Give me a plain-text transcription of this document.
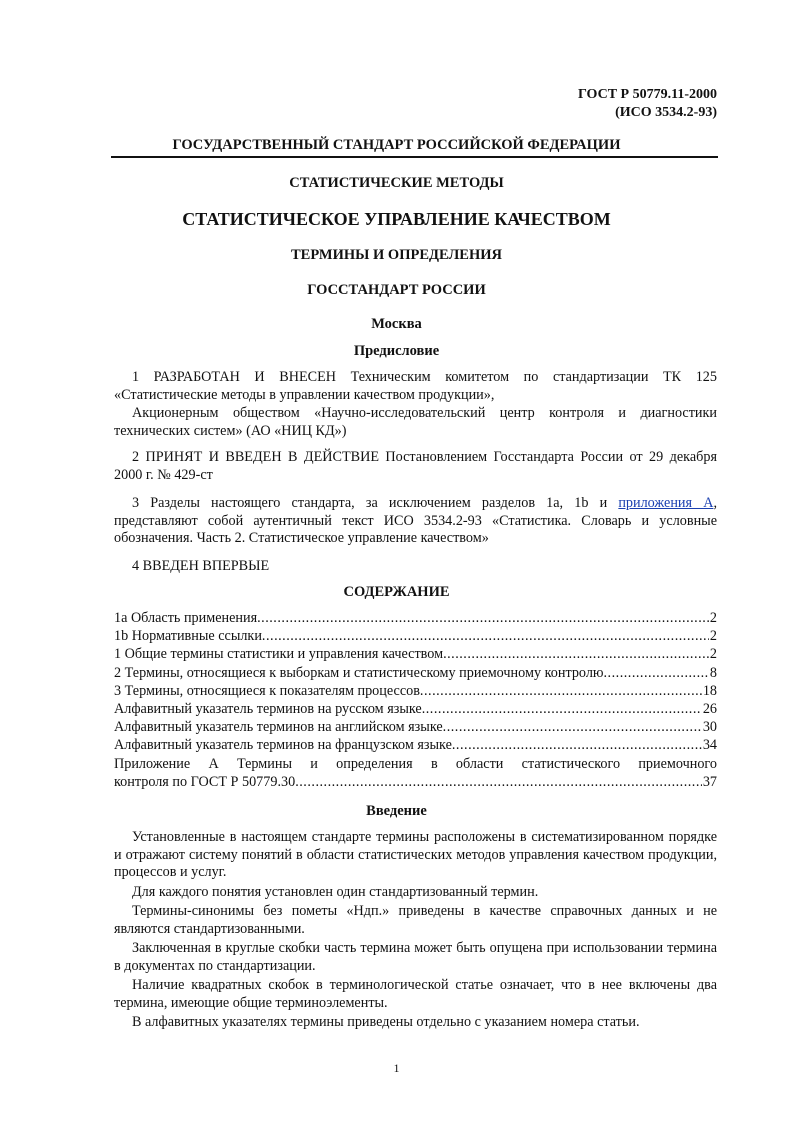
ГОСТ Р 50779.11-2000
(ИСО 3534.2-93)
ГОСУДАРСТВЕННЫЙ СТАНДАРТ РОССИЙСКОЙ ФЕДЕРАЦИИ
СТАТИСТИЧЕСКИЕ МЕТОДЫ
СТАТИСТИЧЕСКОЕ УПРАВЛЕНИЕ КАЧЕСТВОМ
ТЕРМИНЫ И ОПРЕДЕЛЕНИЯ
ГОССТАНДАРТ РОССИИ
Москва
Предисловие
1 РАЗРАБОТАН И ВНЕСЕН Техническим комитетом по стандартизации ТК 125 «Статистические методы в управлении качеством продукции»,
Акционерным обществом «Научно-исследовательский центр контроля и диагностики технических систем» (АО «НИЦ КД»)
2 ПРИНЯТ И ВВЕДЕН В ДЕЙСТВИЕ Постановлением Госстандарта России от 29 декабря 2000 г. № 429-ст
3 Разделы настоящего стандарта, за исключением разделов 1а, 1b и приложения А, представляют собой аутентичный текст ИСО 3534.2-93 «Статистика. Словарь и условные обозначения. Часть 2. Статистическое управление качеством»
4 ВВЕДЕН ВПЕРВЫЕ
СОДЕРЖАНИЕ
1а Область применения .....	2
1b Нормативные ссылки .....	2
1 Общие термины статистики и управления качеством .....	2
2 Термины, относящиеся к выборкам и статистическому приемочному контролю .....	8
3 Термины, относящиеся к показателям процессов .....	18
Алфавитный указатель терминов на русском языке .....	26
Алфавитный указатель терминов на английском языке .....	30
Алфавитный указатель терминов на французском языке .....	34
Приложение А Термины и определения в области статистического приемочного
контроля по ГОСТ Р 50779.30 .....	37
Введение
Установленные в настоящем стандарте термины расположены в систематизированном порядке и отражают систему понятий в области статистических методов управления качеством продукции, процессов и услуг.
Для каждого понятия установлен один стандартизованный термин.
Термины-синонимы без пометы «Ндп.» приведены в качестве справочных данных и не являются стандартизованными.
Заключенная в круглые скобки часть термина может быть опущена при использовании термина в документах по стандартизации.
Наличие квадратных скобок в терминологической статье означает, что в нее включены два термина, имеющие общие терминоэлементы.
В алфавитных указателях термины приведены отдельно с указанием номера статьи.
1
